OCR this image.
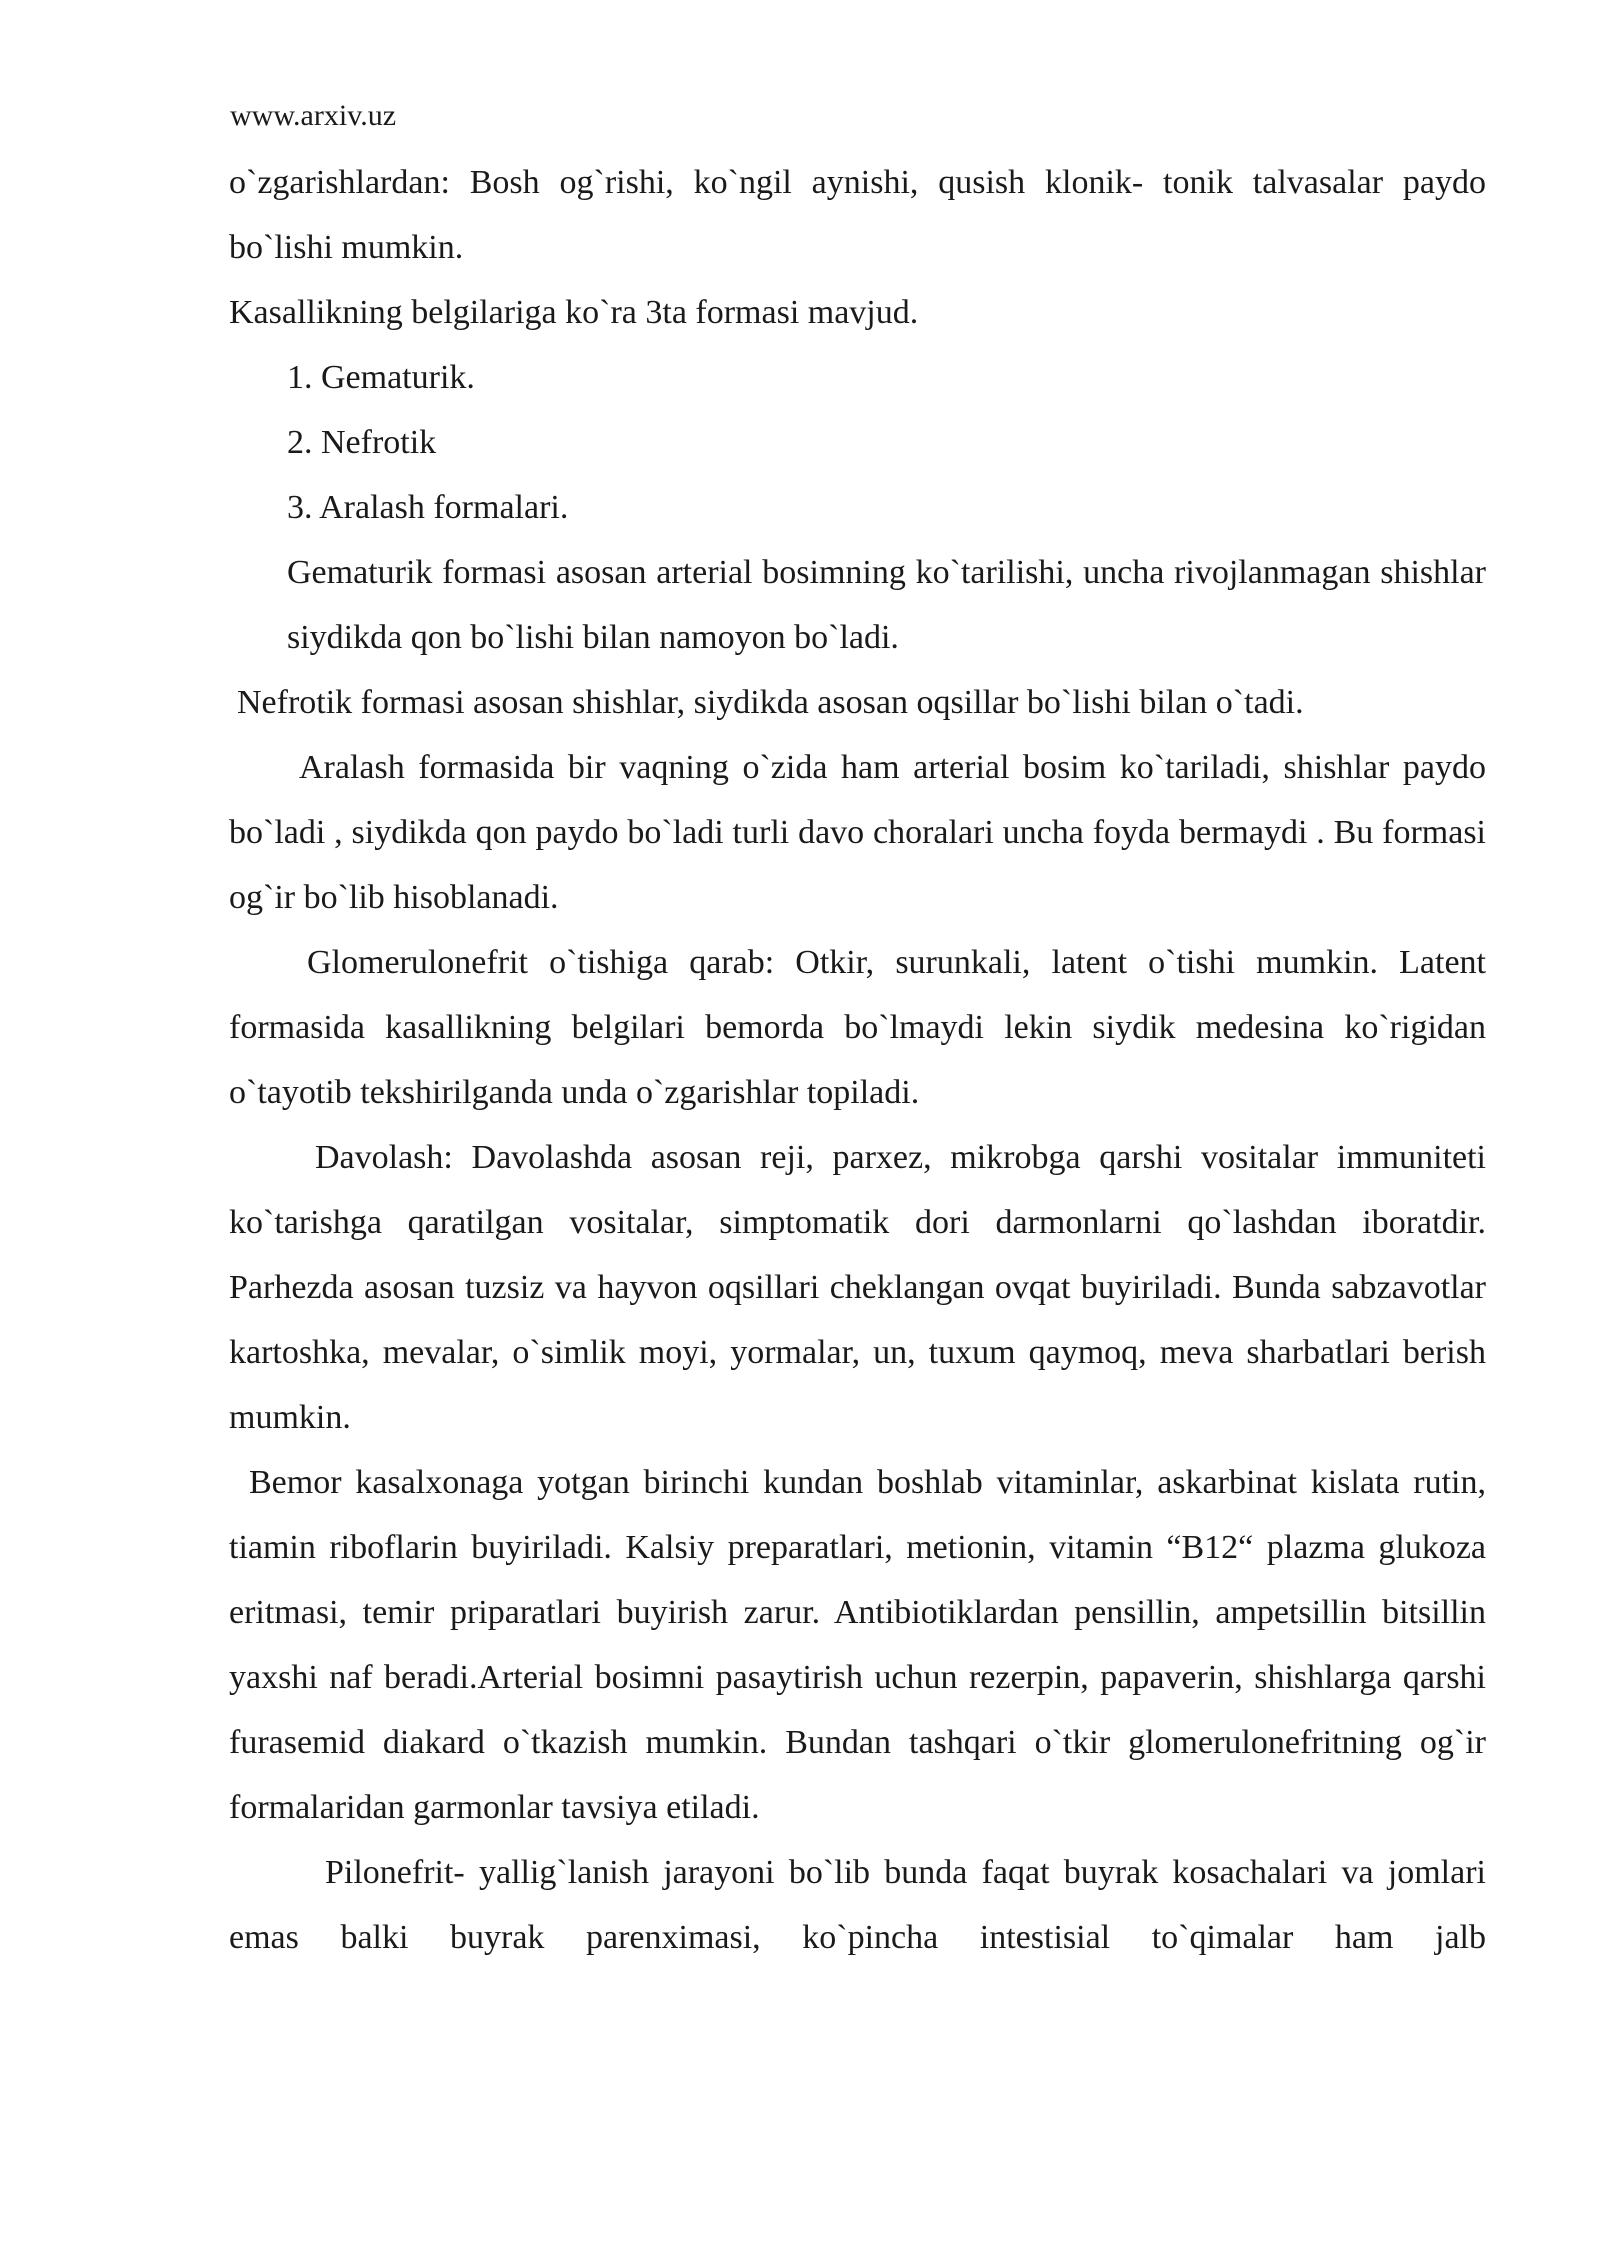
www.arxiv.uz

o`zgarishlardan: Bosh og`rishi, ko`ngil aynishi, qusish klonik- tonik talvasalar paydo bo`lishi mumkin.

Kasallikning belgilariga ko`ra 3ta formasi mavjud.

1. Gematurik.

2. Nefrotik

3. Aralash formalari.

Gematurik formasi asosan arterial bosimning ko`tarilishi, uncha rivojlanmagan shishlar siydikda qon bo`lishi bilan namoyon bo`ladi.

Nefrotik formasi asosan shishlar, siydikda asosan oqsillar bo`lishi bilan o`tadi.

Aralash formasida bir vaqning o`zida ham arterial bosim ko`tariladi, shishlar paydo bo`ladi , siydikda qon paydo bo`ladi turli davo choralari uncha foyda bermaydi . Bu formasi og`ir bo`lib hisoblanadi.

Glomerulonefrit o`tishiga qarab: Otkir, surunkali, latent o`tishi mumkin. Latent formasida kasallikning belgilari bemorda bo`lmaydi lekin siydik medesina ko`rigidan o`tayotib tekshirilganda unda o`zgarishlar topiladi.

Davolash: Davolashda asosan reji, parxez, mikrobga qarshi vositalar immuniteti ko`tarishga qaratilgan vositalar, simptomatik dori darmonlarni qo`lashdan iboratdir. Parhezda asosan tuzsiz va hayvon oqsillari cheklangan ovqat buyiriladi. Bunda sabzavotlar kartoshka, mevalar, o`simlik moyi, yormalar, un, tuxum qaymoq, meva sharbatlari berish mumkin.

Bemor kasalxonaga yotgan birinchi kundan boshlab vitaminlar, askarbinat kislata rutin, tiamin riboflarin buyiriladi. Kalsiy preparatlari, metionin, vitamin “B12“ plazma glukoza eritmasi, temir priparatlari buyirish zarur. Antibiotiklardan pensillin, ampetsillin bitsillin yaxshi naf beradi.Arterial bosimni pasaytirish uchun rezerpin, papaverin, shishlarga qarshi furasemid diakard o`tkazish mumkin. Bundan tashqari o`tkir glomerulonefritning og`ir formalaridan garmonlar tavsiya etiladi.

Pilonefrit- yallig`lanish jarayoni bo`lib bunda faqat buyrak kosachalari va jomlari emas balki buyrak parenximasi, ko`pincha intestisial to`qimalar ham jalb
